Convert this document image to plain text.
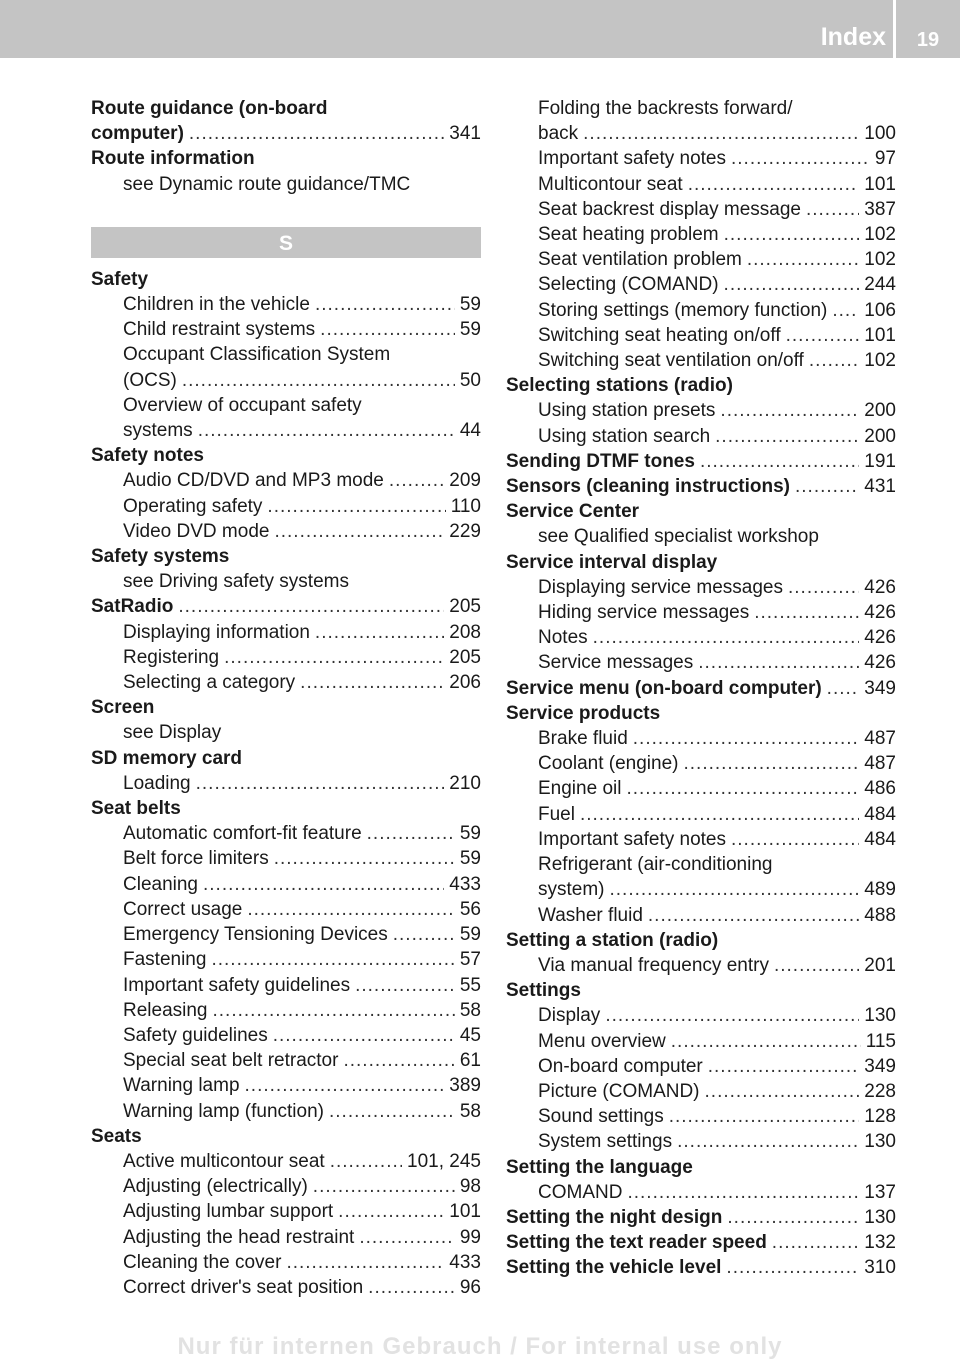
Index	19
Route guidance (on-board
computer) .....	341
Route information
see Dynamic route guidance/TMC
S
Safety
Children in the vehicle .....	59
Child restraint systems .....	59
Occupant Classification System
(OCS) .....	50
Overview of occupant safety
systems .....	44
Safety notes
Audio CD/DVD and MP3 mode .....	209
Operating safety .....	110
Video DVD mode .....	229
Safety systems
see Driving safety systems
SatRadio .....	205
Displaying information .....	208
Registering .....	205
Selecting a category .....	206
Screen
see Display
SD memory card
Loading .....	210
Seat belts
Automatic comfort-fit feature .....	59
Belt force limiters .....	59
Cleaning .....	433
Correct usage .....	56
Emergency Tensioning Devices .....	59
Fastening .....	57
Important safety guidelines .....	55
Releasing .....	58
Safety guidelines .....	45
Special seat belt retractor .....	61
Warning lamp .....	389
Warning lamp (function) .....	58
Seats
Active multicontour seat .....	101, 245
Adjusting (electrically) .....	98
Adjusting lumbar support .....	101
Adjusting the head restraint .....	99
Cleaning the cover .....	433
Correct driver's seat position .....	96
Folding the backrests forward/
back .....	100
Important safety notes .....	97
Multicontour seat .....	101
Seat backrest display message .....	387
Seat heating problem .....	102
Seat ventilation problem .....	102
Selecting (COMAND) .....	244
Storing settings (memory function) ..... 106
Switching seat heating on/off .....	101
Switching seat ventilation on/off .....	102
Selecting stations (radio)
Using station presets .....	200
Using station search .....	200
Sending DTMF tones .....	191
Sensors (cleaning instructions) .....	431
Service Center
see Qualified specialist workshop
Service interval display
Displaying service messages .....	426
Hiding service messages .....	426
Notes .....	426
Service messages .....	426
Service menu (on-board computer) ..... 349
Service products
Brake fluid .....	487
Coolant (engine) .....	487
Engine oil .....	486
Fuel .....	484
Important safety notes .....	484
Refrigerant (air-conditioning
system) .....	489
Washer fluid .....	488
Setting a station (radio)
Via manual frequency entry .....	201
Settings
Display .....	130
Menu overview .....	115
On-board computer .....	349
Picture (COMAND) .....	228
Sound settings .....	128
System settings .....	130
Setting the language
COMAND .....	137
Setting the night design .....	130
Setting the text reader speed .....	132
Setting the vehicle level .....	310
Nur für internen Gebrauch / For internal use only
